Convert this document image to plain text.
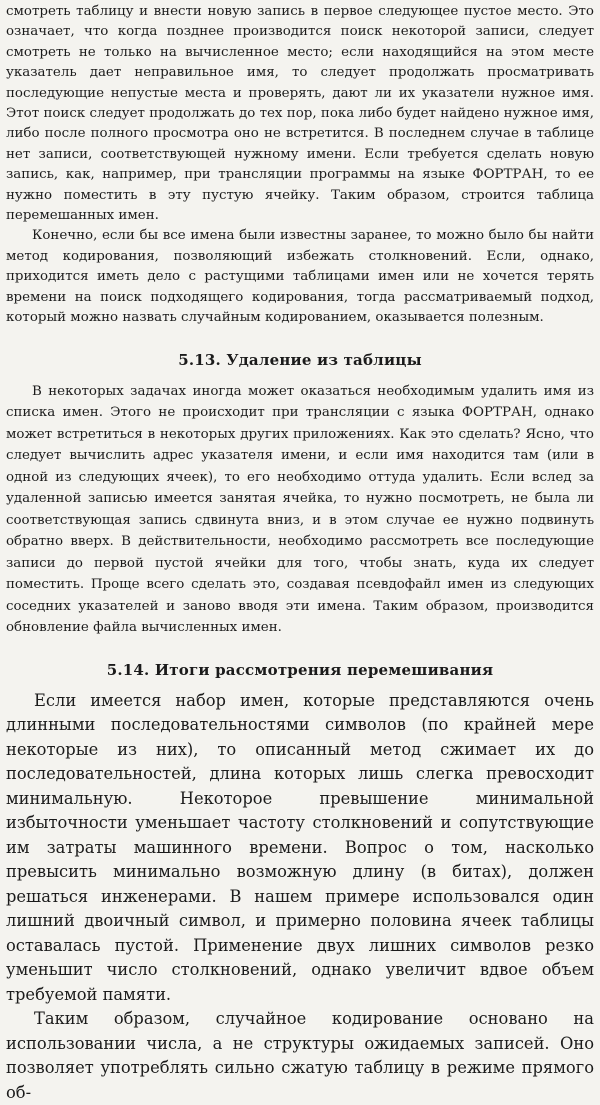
смотреть таблицу и внести новую запись в первое следующее пустое место. Это означает, что когда позднее производится поиск некоторой записи, следует смотреть не только на вычисленное место; если находящийся на этом месте указатель дает неправильное имя, то следует продолжать просматривать последующие непустые места и проверять, дают ли их указатели нужное имя. Этот поиск следует продолжать до тех пор, пока либо будет найдено нужное имя, либо после полного просмотра оно не встретится. В последнем случае в таблице нет записи, соответствующей нужному имени. Если требуется сделать новую запись, как, например, при трансляции программы на языке ФОРТРАН, то ее нужно поместить в эту пустую ячейку. Таким образом, строится таблица перемешанных имен.

Конечно, если бы все имена были известны заранее, то можно было бы найти метод кодирования, позволяющий избежать столкновений. Если, однако, приходится иметь дело с растущими таблицами имен или не хочется терять времени на поиск подходящего кодирования, тогда рассматриваемый подход, который можно назвать случайным кодированием, оказывается полезным.

5.13. Удаление из таблицы

В некоторых задачах иногда может оказаться необходимым удалить имя из списка имен. Этого не происходит при трансляции с языка ФОРТРАН, однако может встретиться в некоторых других приложениях. Как это сделать? Ясно, что следует вычислить адрес указателя имени, и если имя находится там (или в одной из следующих ячеек), то его необходимо оттуда удалить. Если вслед за удаленной записью имеется занятая ячейка, то нужно посмотреть, не была ли соответствующая запись сдвинута вниз, и в этом случае ее нужно подвинуть обратно вверх. В действительности, необходимо рассмотреть все последующие записи до первой пустой ячейки для того, чтобы знать, куда их следует поместить. Проще всего сделать это, создавая псевдофайл имен из следующих соседних указателей и заново вводя эти имена. Таким образом, производится обновление файла вычисленных имен.

5.14. Итоги рассмотрения перемешивания

Если имеется набор имен, которые представляются очень длинными последовательностями символов (по крайней мере некоторые из них), то описанный метод сжимает их до последовательностей, длина которых лишь слегка превосходит минимальную. Некоторое превышение минимальной избыточности уменьшает частоту столкновений и сопутствующие им затраты машинного времени. Вопрос о том, насколько превысить минимально возможную длину (в битах), должен решаться инженерами. В нашем примере использовался один лишний двоичный символ, и примерно половина ячеек таблицы оставалась пустой. Применение двух лишних символов резко уменьшит число столкновений, однако увеличит вдвое объем требуемой памяти.

Таким образом, случайное кодирование основано на использовании числа, а не структуры ожидаемых записей. Оно позволяет употреблять сильно сжатую таблицу в режиме прямого об-
